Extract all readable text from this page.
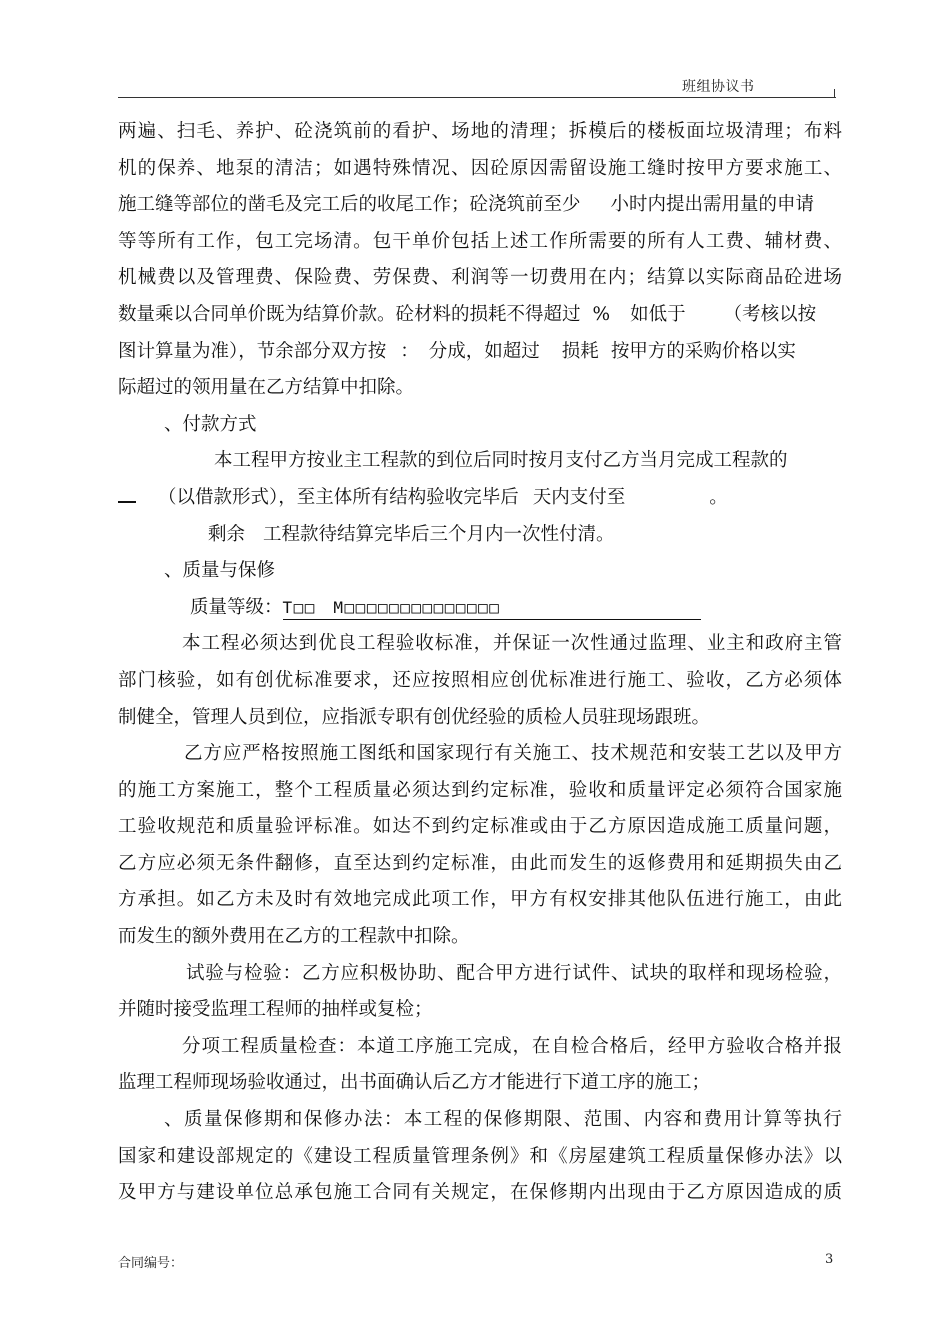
班组协议书
两遍、扫毛、养护、砼浇筑前的看护、场地的清理；拆模后的楼板面垃圾清理；布料
机的保养、地泵的清洁；如遇特殊情况、因砼原因需留设施工缝时按甲方要求施工、
施工缝等部位的凿毛及完工后的收尾工作；砼浇筑前至少 小时内提出需用量的申请
等等所有工作，包工完场清。包干单价包括上述工作所需要的所有人工费、辅材费、
机械费以及管理费、保险费、劳保费、利润等一切费用在内；结算以实际商品砼进场
数量乘以合同单价既为结算价款。砼材料的损耗不得超过 % 如低于 （考核以按
图计算量为准），节余部分双方按 ： 分成，如超过 损耗 按甲方的采购价格以实
际超过的领用量在乙方结算中扣除。
、付款方式
本工程甲方按业主工程款的到位后同时按月支付乙方当月完成工程款的
（以借款形式），至主体所有结构验收完毕后 天内支付至	。
剩余 工程款待结算完毕后三个月内一次性付清。
、质量与保修
质量等级：T□□　M□□□□□□□□□□□□□□
本工程必须达到优良工程验收标准，并保证一次性通过监理、业主和政府主管
部门核验，如有创优标准要求，还应按照相应创优标准进行施工、验收，乙方必须体
制健全，管理人员到位，应指派专职有创优经验的质检人员驻现场跟班。
乙方应严格按照施工图纸和国家现行有关施工、技术规范和安装工艺以及甲方
的施工方案施工，整个工程质量必须达到约定标准，验收和质量评定必须符合国家施
工验收规范和质量验评标准。如达不到约定标准或由于乙方原因造成施工质量问题，
乙方应必须无条件翻修，直至达到约定标准，由此而发生的返修费用和延期损失由乙
方承担。如乙方未及时有效地完成此项工作，甲方有权安排其他队伍进行施工，由此
而发生的额外费用在乙方的工程款中扣除。
试验与检验：乙方应积极协助、配合甲方进行试件、试块的取样和现场检验，
并随时接受监理工程师的抽样或复检；
分项工程质量检查：本道工序施工完成，在自检合格后，经甲方验收合格并报
监理工程师现场验收通过，出书面确认后乙方才能进行下道工序的施工；
、质量保修期和保修办法：本工程的保修期限、范围、内容和费用计算等执行
国家和建设部规定的《建设工程质量管理条例》和《房屋建筑工程质量保修办法》以
及甲方与建设单位总承包施工合同有关规定，在保修期内出现由于乙方原因造成的质
合同编号：	3
